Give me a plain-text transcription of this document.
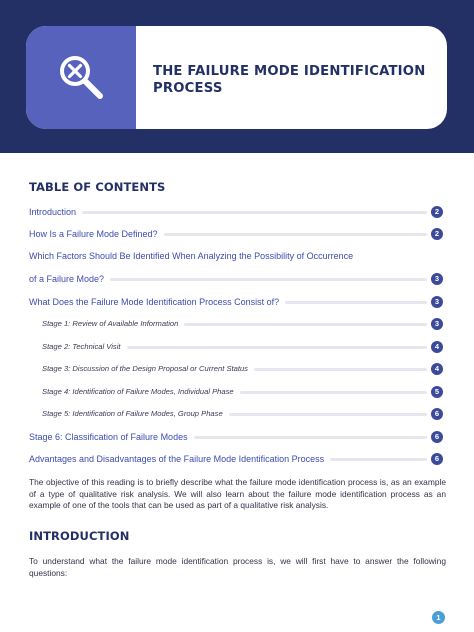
THE FAILURE MODE IDENTIFICATION PROCESS
TABLE OF CONTENTS
Introduction	2
How Is a Failure Mode Defined?	2
Which Factors Should Be Identified When Analyzing the Possibility of Occurrence
of a Failure Mode?	3
What Does the Failure Mode Identification Process Consist of?	3
Stage 1: Review of Available Information	3
Stage 2: Technical Visit	4
Stage 3: Discussion of the Design Proposal or Current Status	4
Stage 4: Identification of Failure Modes, Individual Phase	5
Stage 5: Identification of Failure Modes, Group Phase	6
Stage 6: Classification of Failure Modes	6
Advantages and Disadvantages of the Failure Mode Identification Process	6
The objective of this reading is to briefly describe what the failure mode identification process is, as an example of a type of qualitative risk analysis. We will also learn about the failure mode identification process as an example of one of the tools that can be used as part of a qualitative risk analysis.
INTRODUCTION
To understand what the failure mode identification process is, we will first have to answer the following questions:
1
